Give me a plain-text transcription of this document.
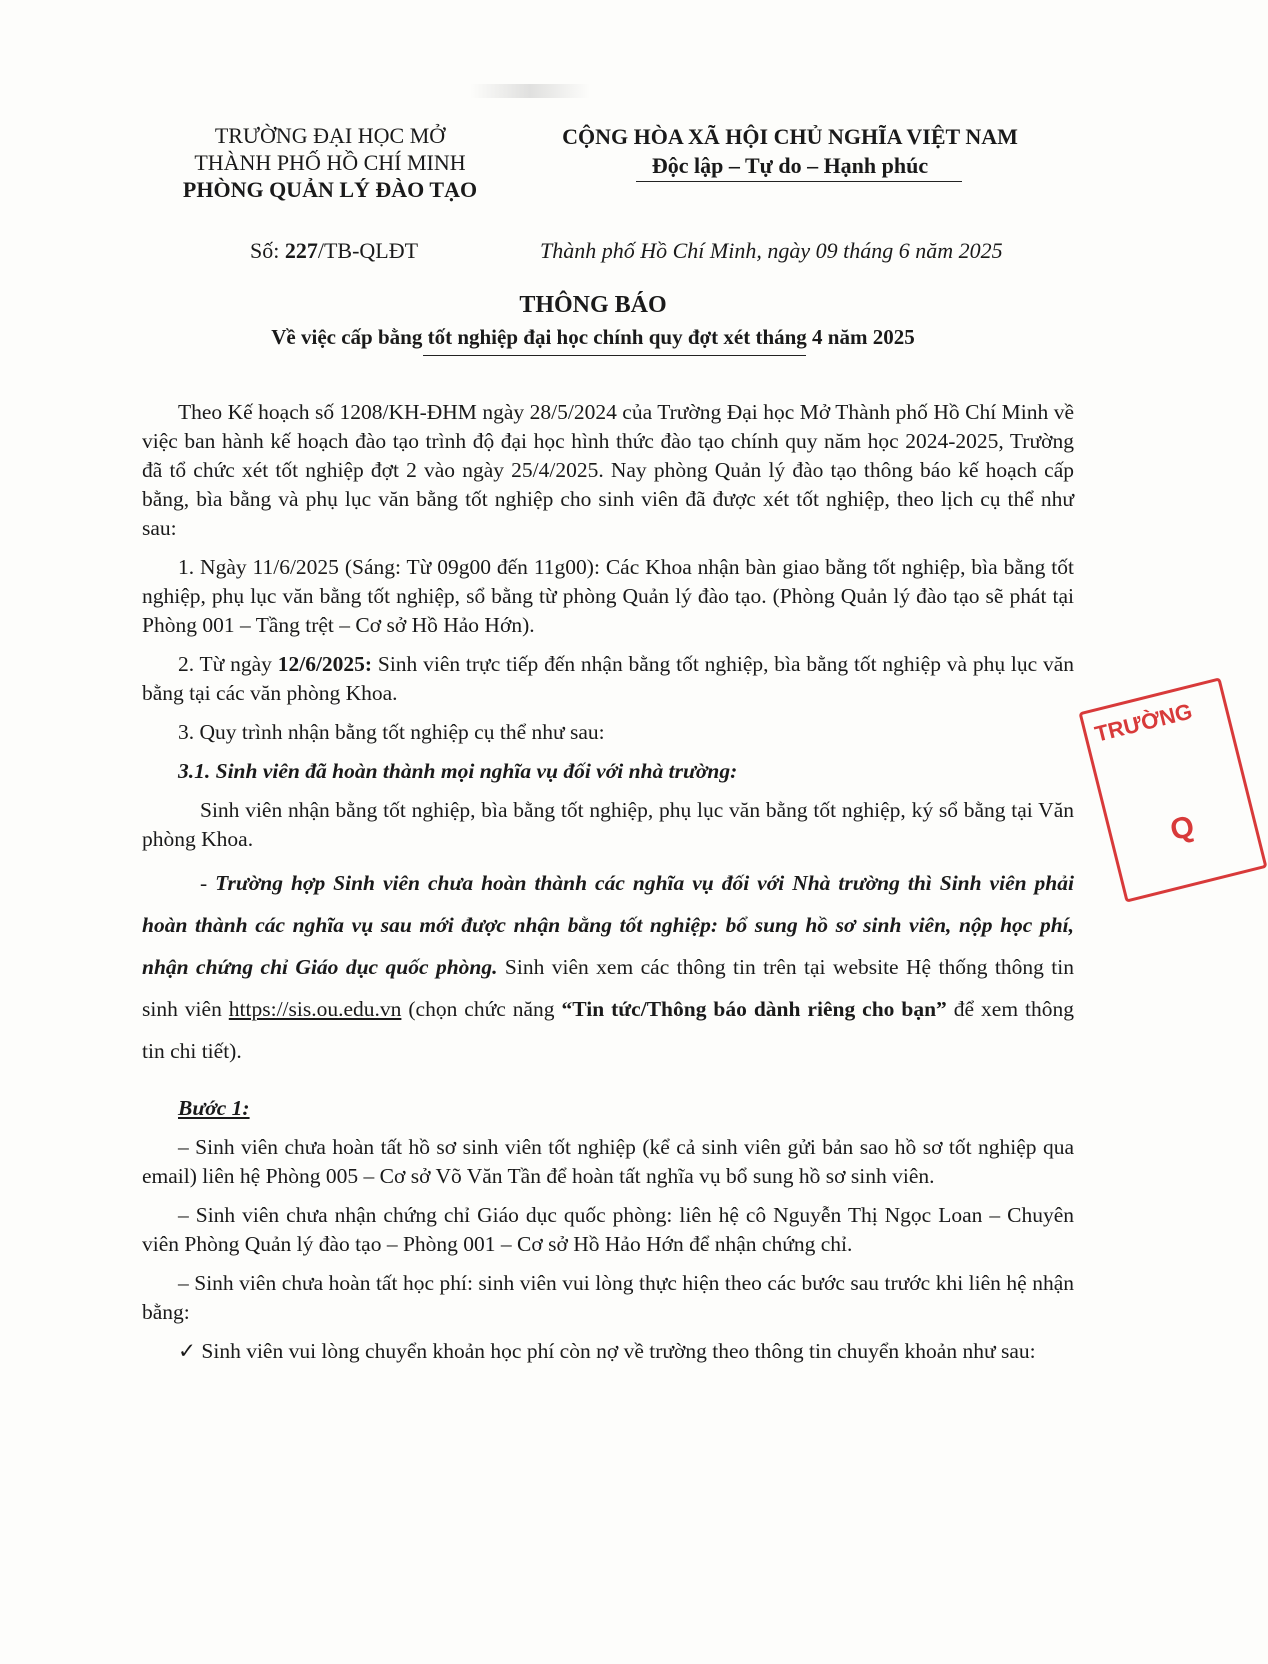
TRƯỜNG ĐẠI HỌC MỞ
THÀNH PHỐ HỒ CHÍ MINH
PHÒNG QUẢN LÝ ĐÀO TẠO
CỘNG HÒA XÃ HỘI CHỦ NGHĨA VIỆT NAM
Độc lập – Tự do – Hạnh phúc
Số: 227/TB-QLĐT	Thành phố Hồ Chí Minh, ngày 09 tháng 6 năm 2025
THÔNG BÁO
Về việc cấp bằng tốt nghiệp đại học chính quy đợt xét tháng 4 năm 2025

Theo Kế hoạch số 1208/KH-ĐHM ngày 28/5/2024 của Trường Đại học Mở Thành phố Hồ Chí Minh về việc ban hành kế hoạch đào tạo trình độ đại học hình thức đào tạo chính quy năm học 2024-2025, Trường đã tổ chức xét tốt nghiệp đợt 2 vào ngày 25/4/2025. Nay phòng Quản lý đào tạo thông báo kế hoạch cấp bằng, bìa bằng và phụ lục văn bằng tốt nghiệp cho sinh viên đã được xét tốt nghiệp, theo lịch cụ thể như sau:

1. Ngày 11/6/2025 (Sáng: Từ 09g00 đến 11g00): Các Khoa nhận bàn giao bằng tốt nghiệp, bìa bằng tốt nghiệp, phụ lục văn bằng tốt nghiệp, sổ bằng từ phòng Quản lý đào tạo. (Phòng Quản lý đào tạo sẽ phát tại Phòng 001 – Tầng trệt – Cơ sở Hồ Hảo Hớn).

2. Từ ngày 12/6/2025: Sinh viên trực tiếp đến nhận bằng tốt nghiệp, bìa bằng tốt nghiệp và phụ lục văn bằng tại các văn phòng Khoa.

3. Quy trình nhận bằng tốt nghiệp cụ thể như sau:

3.1. Sinh viên đã hoàn thành mọi nghĩa vụ đối với nhà trường:

Sinh viên nhận bằng tốt nghiệp, bìa bằng tốt nghiệp, phụ lục văn bằng tốt nghiệp, ký sổ bằng tại Văn phòng Khoa.

- Trường hợp Sinh viên chưa hoàn thành các nghĩa vụ đối với Nhà trường thì Sinh viên phải hoàn thành các nghĩa vụ sau mới được nhận bằng tốt nghiệp: bổ sung hồ sơ sinh viên, nộp học phí, nhận chứng chỉ Giáo dục quốc phòng. Sinh viên xem các thông tin trên tại website Hệ thống thông tin sinh viên https://sis.ou.edu.vn (chọn chức năng “Tin tức/Thông báo dành riêng cho bạn” để xem thông tin chi tiết).

Bước 1:

– Sinh viên chưa hoàn tất hồ sơ sinh viên tốt nghiệp (kể cả sinh viên gửi bản sao hồ sơ tốt nghiệp qua email) liên hệ Phòng 005 – Cơ sở Võ Văn Tần để hoàn tất nghĩa vụ bổ sung hồ sơ sinh viên.

– Sinh viên chưa nhận chứng chỉ Giáo dục quốc phòng: liên hệ cô Nguyễn Thị Ngọc Loan – Chuyên viên Phòng Quản lý đào tạo – Phòng 001 – Cơ sở Hồ Hảo Hớn để nhận chứng chỉ.

– Sinh viên chưa hoàn tất học phí: sinh viên vui lòng thực hiện theo các bước sau trước khi liên hệ nhận bằng:

✓ Sinh viên vui lòng chuyển khoản học phí còn nợ về trường theo thông tin chuyển khoản như sau:

TRƯỜNG
Q
